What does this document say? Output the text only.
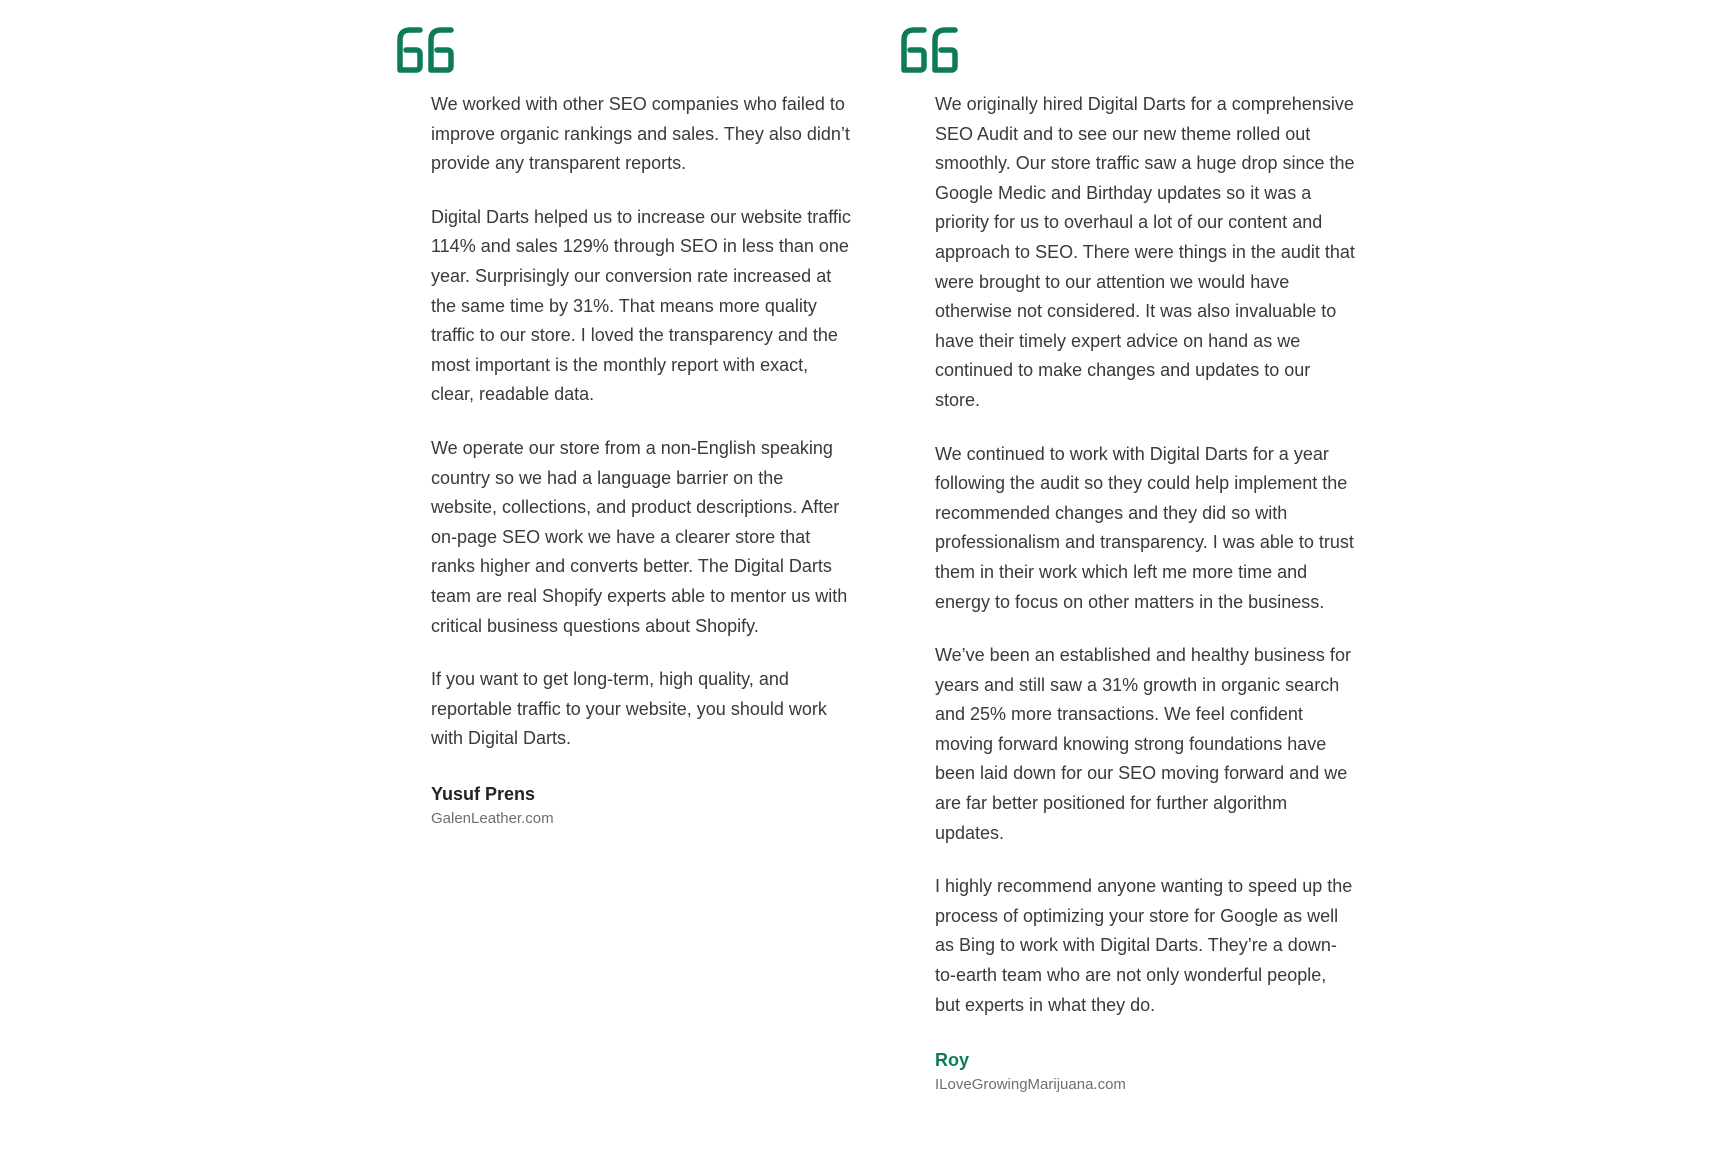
We worked with other SEO companies who failed to improve organic rankings and sales. They also didn’t provide any transparent reports.

Digital Darts helped us to increase our website traffic 114% and sales 129% through SEO in less than one year. Surprisingly our conversion rate increased at the same time by 31%. That means more quality traffic to our store. I loved the transparency and the most important is the monthly report with exact, clear, readable data.

We operate our store from a non-English speaking country so we had a language barrier on the website, collections, and product descriptions. After on-page SEO work we have a clearer store that ranks higher and converts better. The Digital Darts team are real Shopify experts able to mentor us with critical business questions about Shopify.

If you want to get long-term, high quality, and reportable traffic to your website, you should work with Digital Darts.

Yusuf Prens
GalenLeather.com

We originally hired Digital Darts for a comprehensive SEO Audit and to see our new theme rolled out smoothly. Our store traffic saw a huge drop since the Google Medic and Birthday updates so it was a priority for us to overhaul a lot of our content and approach to SEO. There were things in the audit that were brought to our attention we would have otherwise not considered. It was also invaluable to have their timely expert advice on hand as we continued to make changes and updates to our store.

We continued to work with Digital Darts for a year following the audit so they could help implement the recommended changes and they did so with professionalism and transparency. I was able to trust them in their work which left me more time and energy to focus on other matters in the business.

We’ve been an established and healthy business for years and still saw a 31% growth in organic search and 25% more transactions. We feel confident moving forward knowing strong foundations have been laid down for our SEO moving forward and we are far better positioned for further algorithm updates.

I highly recommend anyone wanting to speed up the process of optimizing your store for Google as well as Bing to work with Digital Darts. They’re a down-to-earth team who are not only wonderful people, but experts in what they do.

Roy
ILoveGrowingMarijuana.com
